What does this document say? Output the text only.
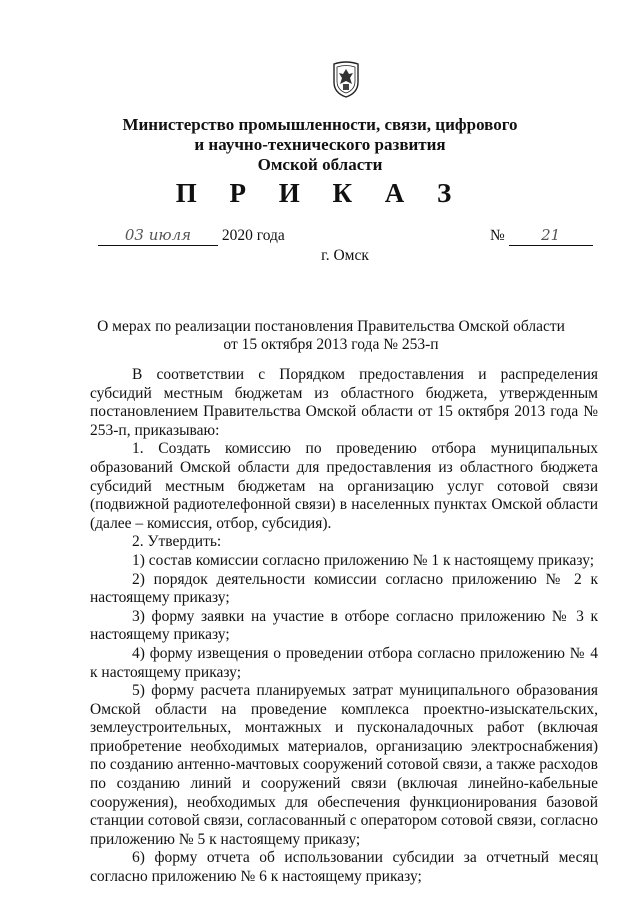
Министерство промышленности, связи, цифрового
и научно-технического развития
Омской области
П Р И К А З
03 июля 2020 года	№ 21
г. Омск
О мерах по реализации постановления Правительства Омской области
от 15 октября 2013 года № 253-п

В соответствии с Порядком предоставления и распределения субсидий местным бюджетам из областного бюджета, утвержденным постановлением Правительства Омской области от 15 октября 2013 года № 253-п, приказываю:

1. Создать комиссию по проведению отбора муниципальных образований Омской области для предоставления из областного бюджета субсидий местным бюджетам на организацию услуг сотовой связи (подвижной радиотелефонной связи) в населенных пунктах Омской области (далее – комиссия, отбор, субсидия).

2. Утвердить:

1) состав комиссии согласно приложению № 1 к настоящему приказу;

2) порядок деятельности комиссии согласно приложению № 2 к настоящему приказу;

3) форму заявки на участие в отборе согласно приложению № 3 к настоящему приказу;

4) форму извещения о проведении отбора согласно приложению № 4 к настоящему приказу;

5) форму расчета планируемых затрат муниципального образования Омской области на проведение комплекса проектно-изыскательских, землеустроительных, монтажных и пусконаладочных работ (включая приобретение необходимых материалов, организацию электроснабжения) по созданию антенно-мачтовых сооружений сотовой связи, а также расходов по созданию линий и сооружений связи (включая линейно-кабельные сооружения), необходимых для обеспечения функционирования базовой станции сотовой связи, согласованный с оператором сотовой связи, согласно приложению № 5 к настоящему приказу;

6) форму отчета об использовании субсидии за отчетный месяц согласно приложению № 6 к настоящему приказу;
